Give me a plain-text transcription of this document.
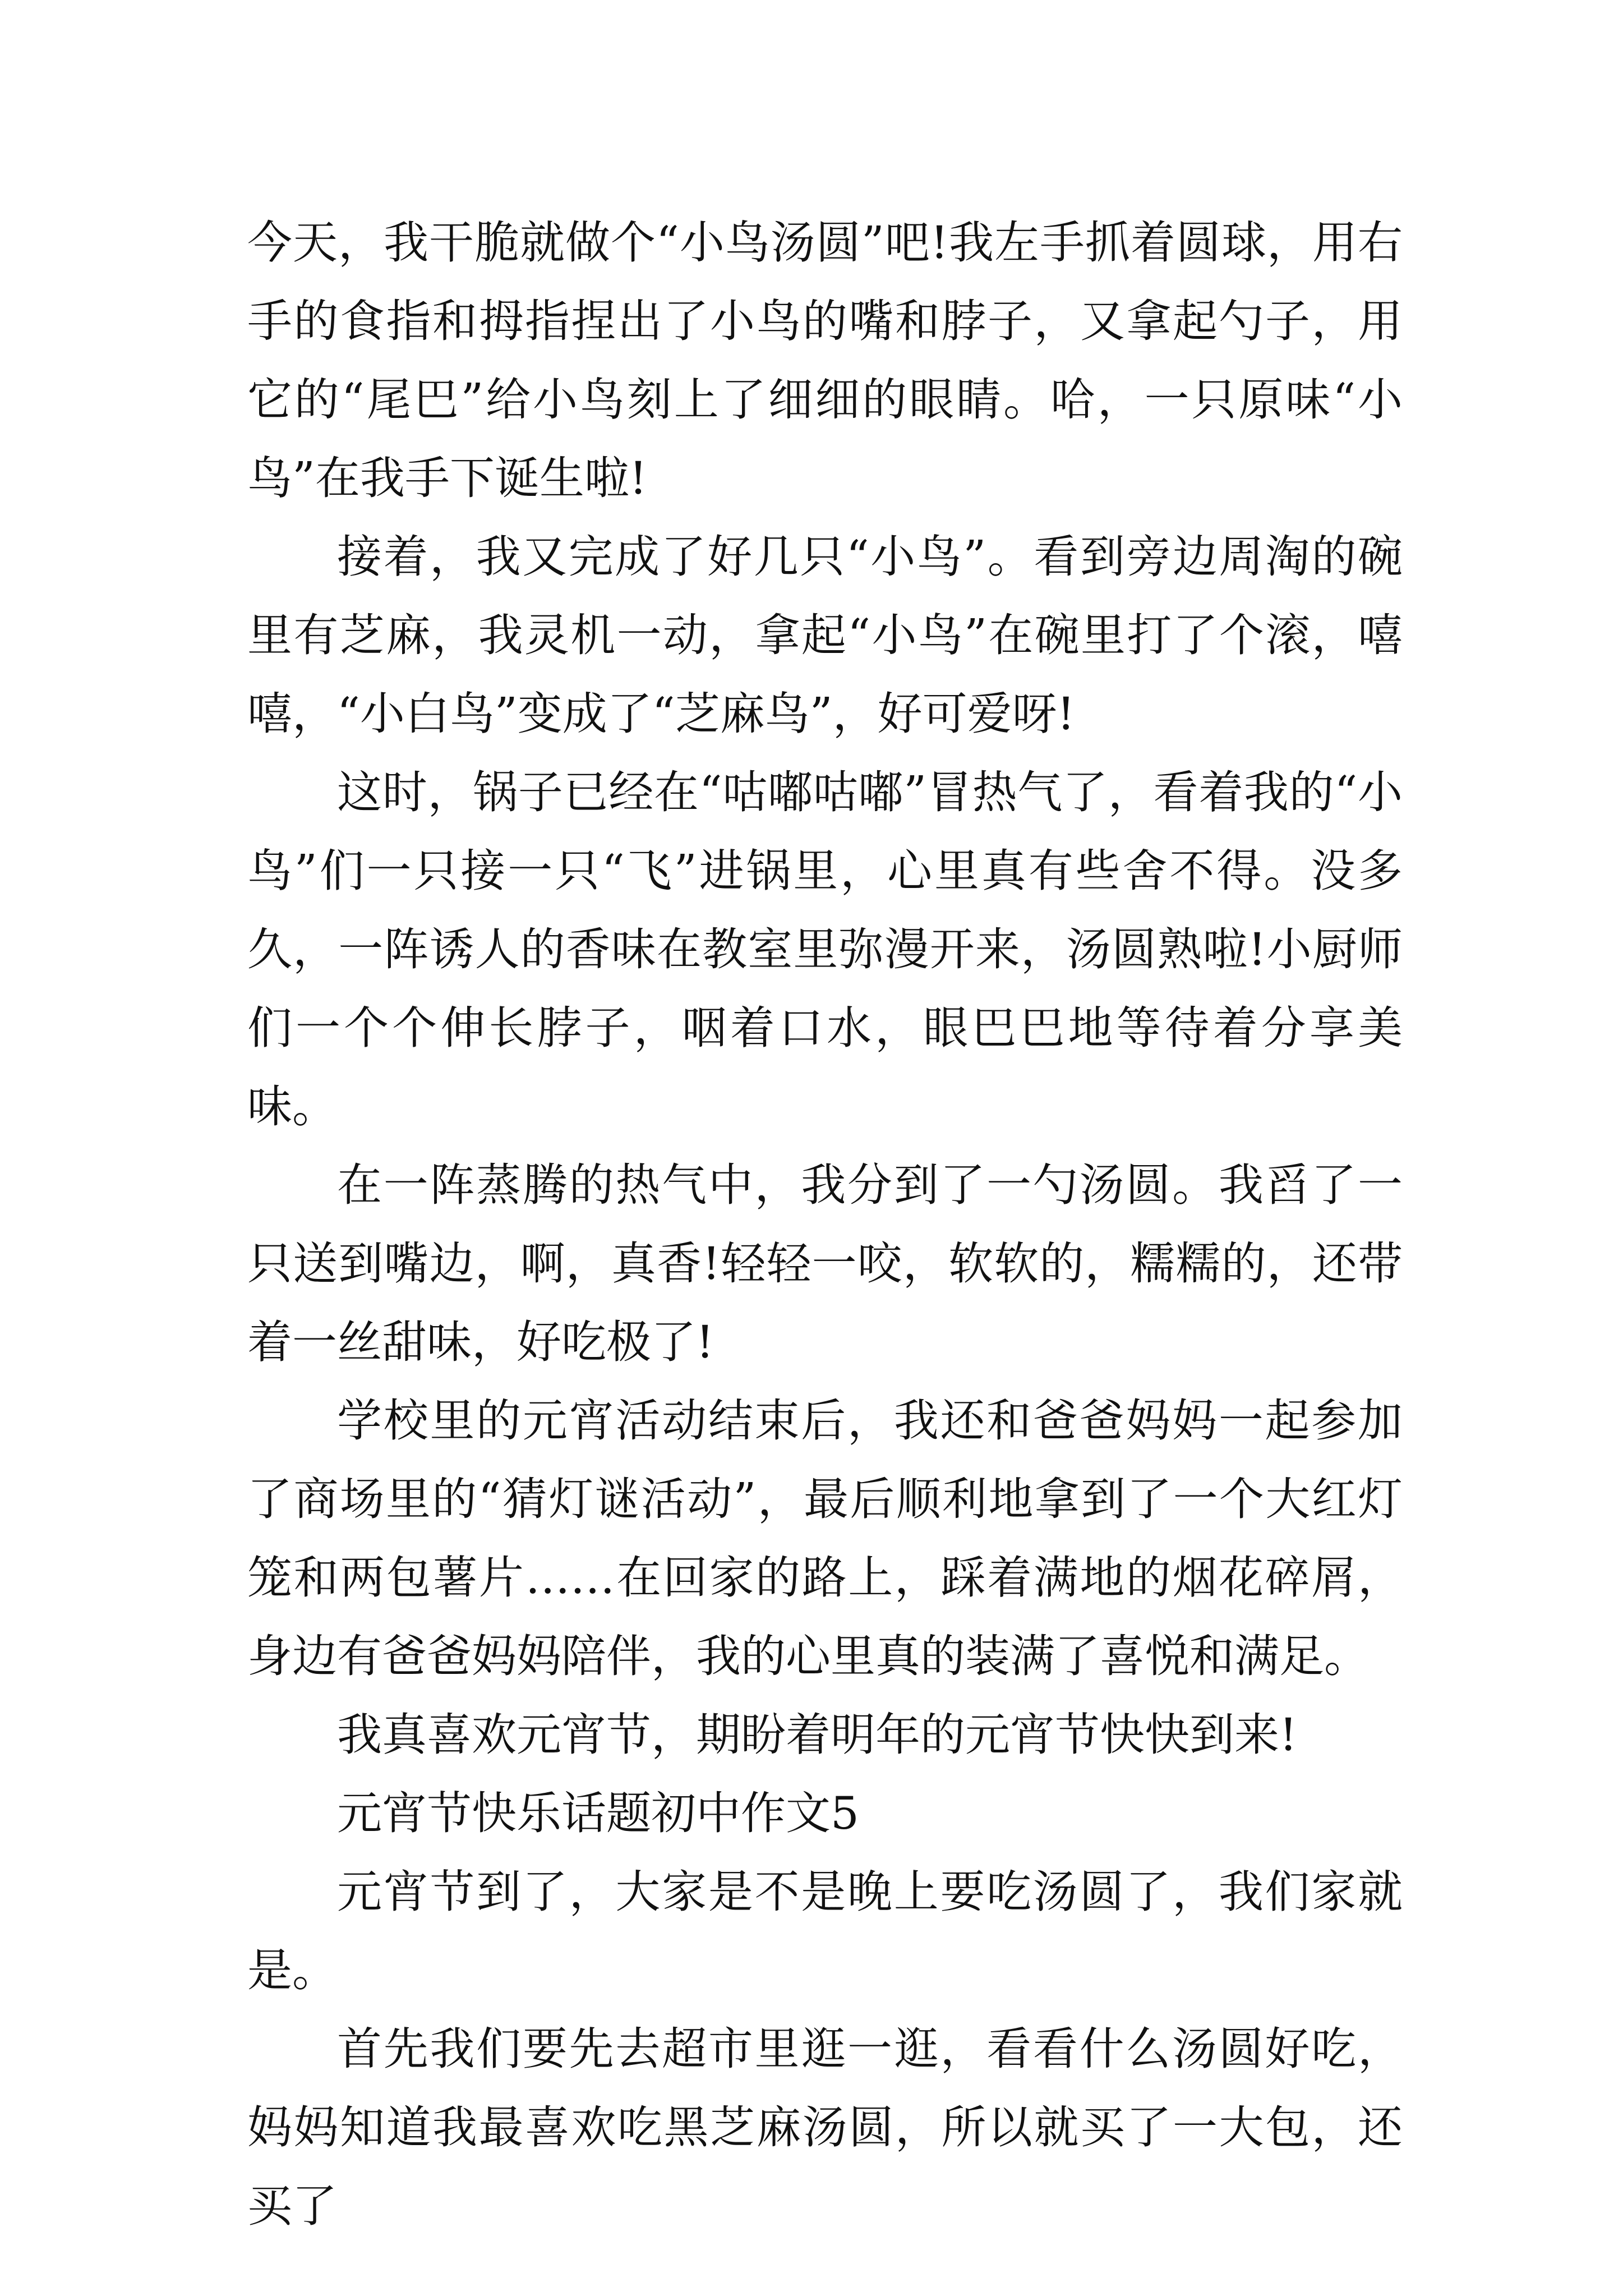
今天，我干脆就做个“小鸟汤圆”吧!我左手抓着圆球，用右手的食指和拇指捏出了小鸟的嘴和脖子，又拿起勺子，用它的“尾巴”给小鸟刻上了细细的眼睛。哈，一只原味“小鸟”在我手下诞生啦!

接着，我又完成了好几只“小鸟”。看到旁边周淘的碗里有芝麻，我灵机一动，拿起“小鸟”在碗里打了个滚，嘻嘻，“小白鸟”变成了“芝麻鸟”，好可爱呀!

这时，锅子已经在“咕嘟咕嘟”冒热气了，看着我的“小鸟”们一只接一只“飞”进锅里，心里真有些舍不得。没多久，一阵诱人的香味在教室里弥漫开来，汤圆熟啦!小厨师们一个个伸长脖子，咽着口水，眼巴巴地等待着分享美味。

在一阵蒸腾的热气中，我分到了一勺汤圆。我舀了一只送到嘴边，啊，真香!轻轻一咬，软软的，糯糯的，还带着一丝甜味，好吃极了!

学校里的元宵活动结束后，我还和爸爸妈妈一起参加了商场里的“猜灯谜活动”，最后顺利地拿到了一个大红灯笼和两包薯片……在回家的路上，踩着满地的烟花碎屑，身边有爸爸妈妈陪伴，我的心里真的装满了喜悦和满足。

我真喜欢元宵节，期盼着明年的元宵节快快到来!

元宵节快乐话题初中作文5

元宵节到了，大家是不是晚上要吃汤圆了，我们家就是。

首先我们要先去超市里逛一逛，看看什么汤圆好吃，妈妈知道我最喜欢吃黑芝麻汤圆，所以就买了一大包，还买了
